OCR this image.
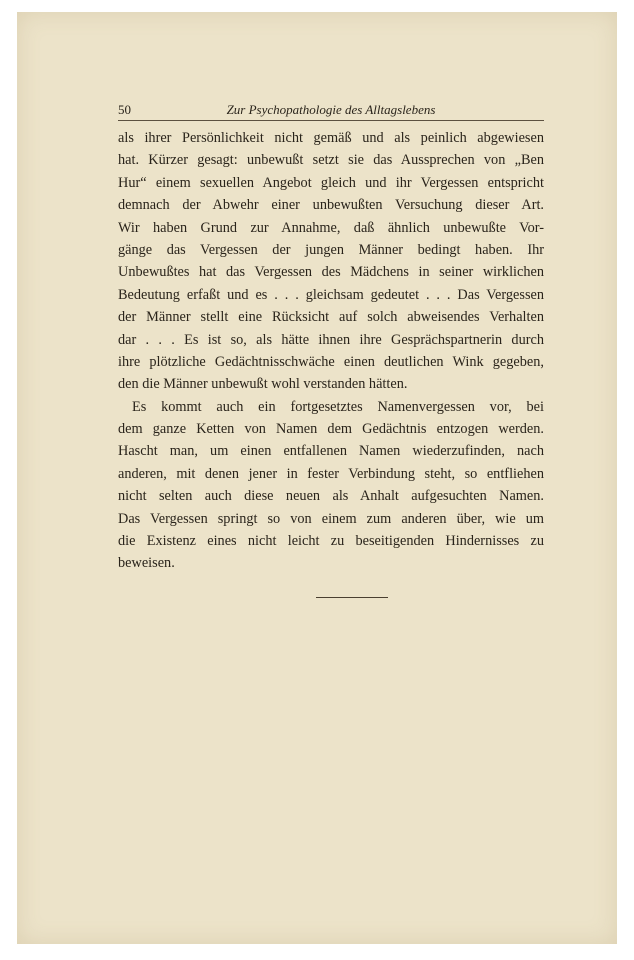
50	Zur Psychopathologie des Alltagslebens

als ihrer Persönlichkeit nicht gemäß und als peinlich abgewiesen
hat. Kürzer gesagt: unbewußt setzt sie das Aussprechen von „Ben
Hur“ einem sexuellen Angebot gleich und ihr Vergessen entspricht
demnach der Abwehr einer unbewußten Versuchung dieser Art.
Wir haben Grund zur Annahme, daß ähnlich unbewußte Vor-
gänge das Vergessen der jungen Männer bedingt haben. Ihr
Unbewußtes hat das Vergessen des Mädchens in seiner wirklichen
Bedeutung erfaßt und es . . . gleichsam gedeutet . . . Das Vergessen
der Männer stellt eine Rücksicht auf solch abweisendes Verhalten
dar . . . Es ist so, als hätte ihnen ihre Gesprächspartnerin durch
ihre plötzliche Gedächtnisschwäche einen deutlichen Wink gegeben,
den die Männer unbewußt wohl verstanden hätten.

Es kommt auch ein fortgesetztes Namenvergessen vor, bei
dem ganze Ketten von Namen dem Gedächtnis entzogen werden.
Hascht man, um einen entfallenen Namen wiederzufinden, nach
anderen, mit denen jener in fester Verbindung steht, so entfliehen
nicht selten auch diese neuen als Anhalt aufgesuchten Namen.
Das Vergessen springt so von einem zum anderen über, wie um
die Existenz eines nicht leicht zu beseitigenden Hindernisses zu
beweisen.
